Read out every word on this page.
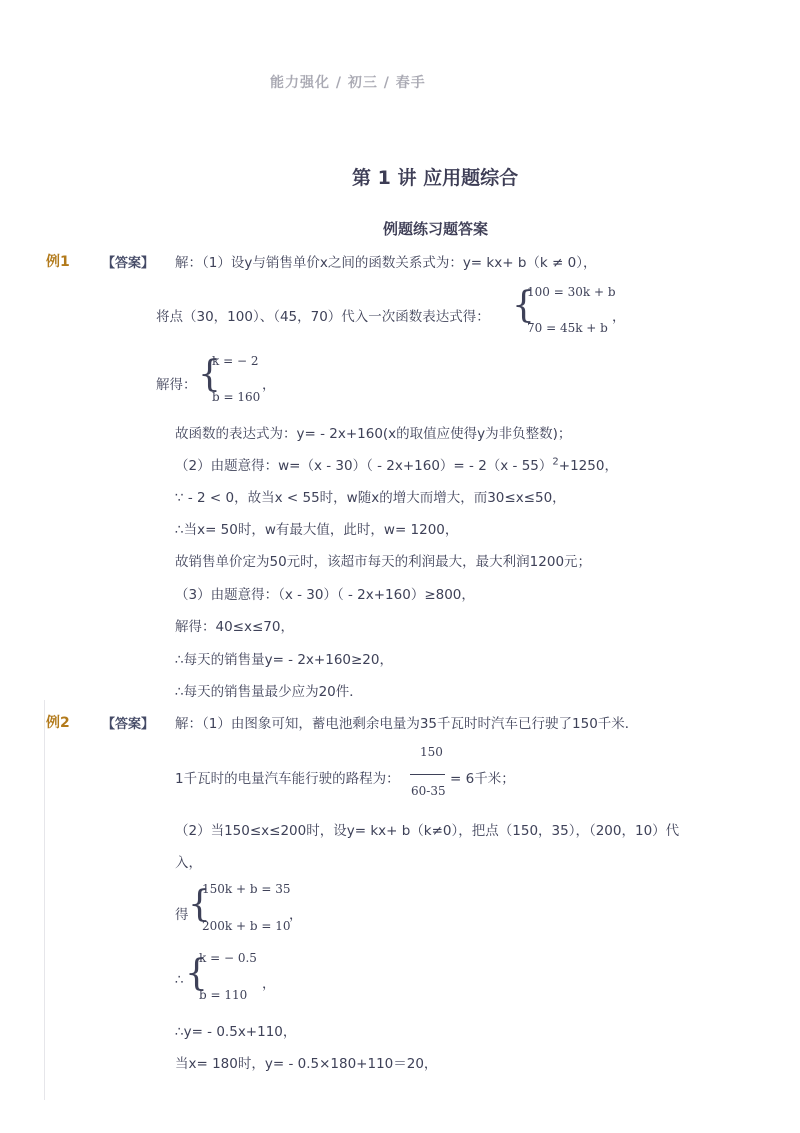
能力强化 / 初三 / 春手
第 1 讲 应用题综合
例题练习题答案
例1 【答案】 解：（1）设y与销售单价x之间的函数关系式为：y= kx+ b（k ≠ 0），
将点（30，100）、（45，70）代入一次函数表达式得： {
100 = 30k + b
70 = 45k + b
，
解得： {
k = − 2
b = 160
，
故函数的表达式为：y= - 2x+160(x的取值应使得y为非负整数)；
（2）由题意得：w=（x - 30）（ - 2x+160）= - 2（x - 55）$^2$+1250，
∵ - 2 < 0，故当x < 55时，w随x的增大而增大，而30≤x≤50，
∴当x= 50时，w有最大值，此时，w= 1200，
故销售单价定为50元时，该超市每天的利润最大，最大利润1200元；
（3）由题意得：（x - 30）（ - 2x+160）≥800，
解得：40≤x≤70，
∴每天的销售量y= - 2x+160≥20，
∴每天的销售量最少应为20件．
例2 【答案】 解：（1）由图象可知，蓄电池剩余电量为35千瓦时时汽车已行驶了150千米．
1千瓦时的电量汽车能行驶的路程为：
150
60-35
= 6千米；
（2）当150≤x≤200时，设y= kx+ b（k≠0），把点（150，35），（200，10）代
入，
得 {
150k + b = 35
200k + b = 10
，
∴ {
k = − 0.5
b = 110
，
∴y= - 0.5x+110，
当x= 180时，y= - 0.5×180+110＝20，
